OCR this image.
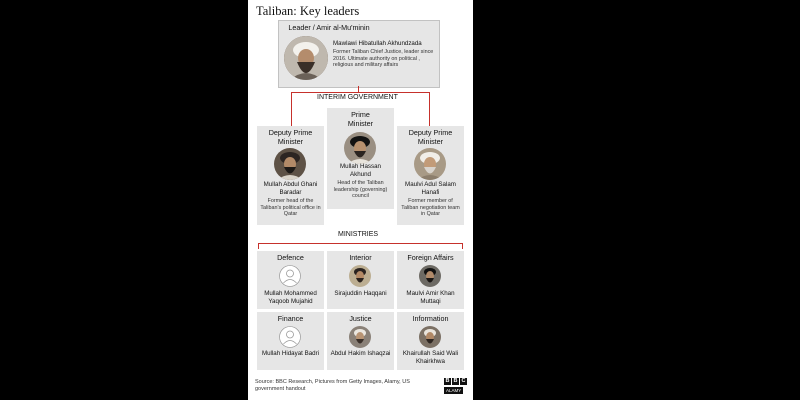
Taliban: Key leaders
Leader / Amir al-Mu'minin
Mawlawi Hibatullah Akhundzada
Former Taliban Chief Justice, leader since 2016. Ultimate authority on political , religious and military affairs
INTERIM GOVERNMENT
Deputy Prime Minister
Mullah Abdul Ghani Baradar
Former head of the Taliban's political office in Qatar
Prime Minister
Mullah Hassan Akhund
Head of the Taliban leadership (governing) council
Deputy Prime Minister
Maulvi Adul Salam Hanafi
Former member of Taliban negotiation team in Qatar
MINISTRIES
Defence
Mullah Mohammed Yaqoob Mujahid
Interior
Sirajuddin Haqqani
Foreign Affairs
Maulvi Amir Khan Muttaqi
Finance
Mullah Hidayat Badri
Justice
Abdul Hakim Ishaqzai
Information
Khairullah Said Wali Khairkhwa
Source: BBC Research, Pictures from Getty Images, Alamy, US government handout
B B C
ALAMY
